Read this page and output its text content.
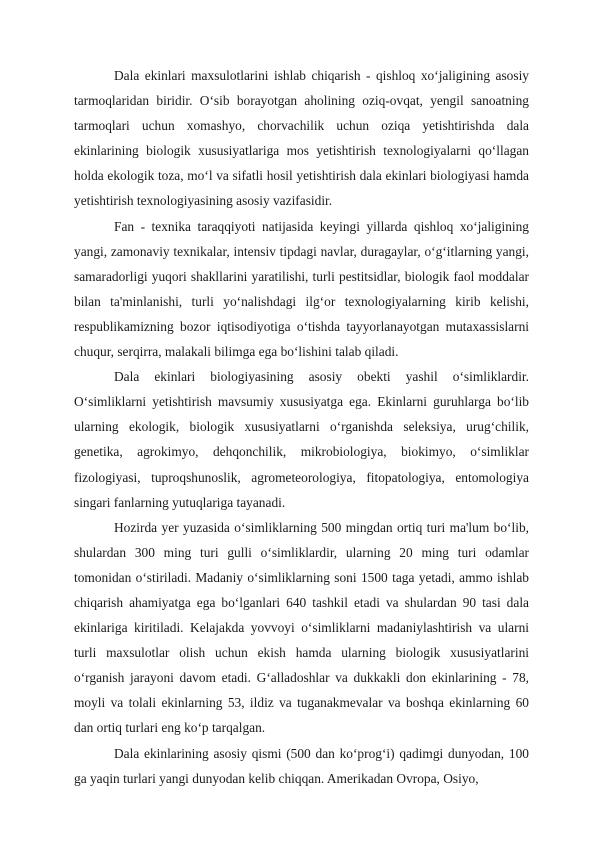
Dala ekinlari maxsulotlarini ishlab chiqarish - qishloq xo‘jaligining asosiy tarmoqlaridan biridir. O‘sib borayotgan aholining oziq-ovqat, yengil sanoatning tarmoqlari uchun xomashyo, chorvachilik uchun oziqa yetishtirishda dala ekinlarining biologik xususiyatlariga mos yetishtirish texnologiyalarni qo‘llagan holda ekologik toza, mo‘l va sifatli hosil yetishtirish dala ekinlari biologiyasi hamda yetishtirish texnologiyasining asosiy vazifasidir.

Fan - texnika taraqqiyoti natijasida keyingi yillarda qishloq xo‘jaligining yangi, zamonaviy texnikalar, intensiv tipdagi navlar, duragaylar, o‘g‘itlarning yangi, samaradorligi yuqori shakllarini yaratilishi, turli pestitsidlar, biologik faol moddalar bilan ta'minlanishi, turli yo‘nalishdagi ilg‘or texnologiyalarning kirib kelishi, respublikamizning bozor iqtisodiyotiga o‘tishda tayyorlanayotgan mutaxassislarni chuqur, serqirra, malakali bilimga ega bo‘lishini talab qiladi.

Dala ekinlari biologiyasining asosiy obekti yashil o‘simliklardir. O‘simliklarni yetishtirish mavsumiy xususiyatga ega. Ekinlarni guruhlarga bo‘lib ularning ekologik, biologik xususiyatlarni o‘rganishda seleksiya, urug‘chilik, genetika, agrokimyo, dehqonchilik, mikrobiologiya, biokimyo, o‘simliklar fizologiyasi, tuproqshunoslik, agrometeorologiya, fitopatologiya, entomologiya singari fanlarning yutuqlariga tayanadi.

Hozirda yer yuzasida o‘simliklarning 500 mingdan ortiq turi ma'lum bo‘lib, shulardan 300 ming turi gulli o‘simliklardir, ularning 20 ming turi odamlar tomonidan o‘stiriladi. Madaniy o‘simliklarning soni 1500 taga yetadi, ammo ishlab chiqarish ahamiyatga ega bo‘lganlari 640 tashkil etadi va shulardan 90 tasi dala ekinlariga kiritiladi. Kelajakda yovvoyi o‘simliklarni madaniylashtirish va ularni turli maxsulotlar olish uchun ekish hamda ularning biologik xususiyatlarini o‘rganish jarayoni davom etadi. G‘alladoshlar va dukkakli don ekinlarining - 78, moyli va tolali ekinlarning 53, ildiz va tuganakmevalar va boshqa ekinlarning 60 dan ortiq turlari eng ko‘p tarqalgan.

Dala ekinlarining asosiy qismi (500 dan ko‘prog‘i) qadimgi dunyodan, 100 ga yaqin turlari yangi dunyodan kelib chiqqan. Amerikadan Ovropa, Osiyo,
